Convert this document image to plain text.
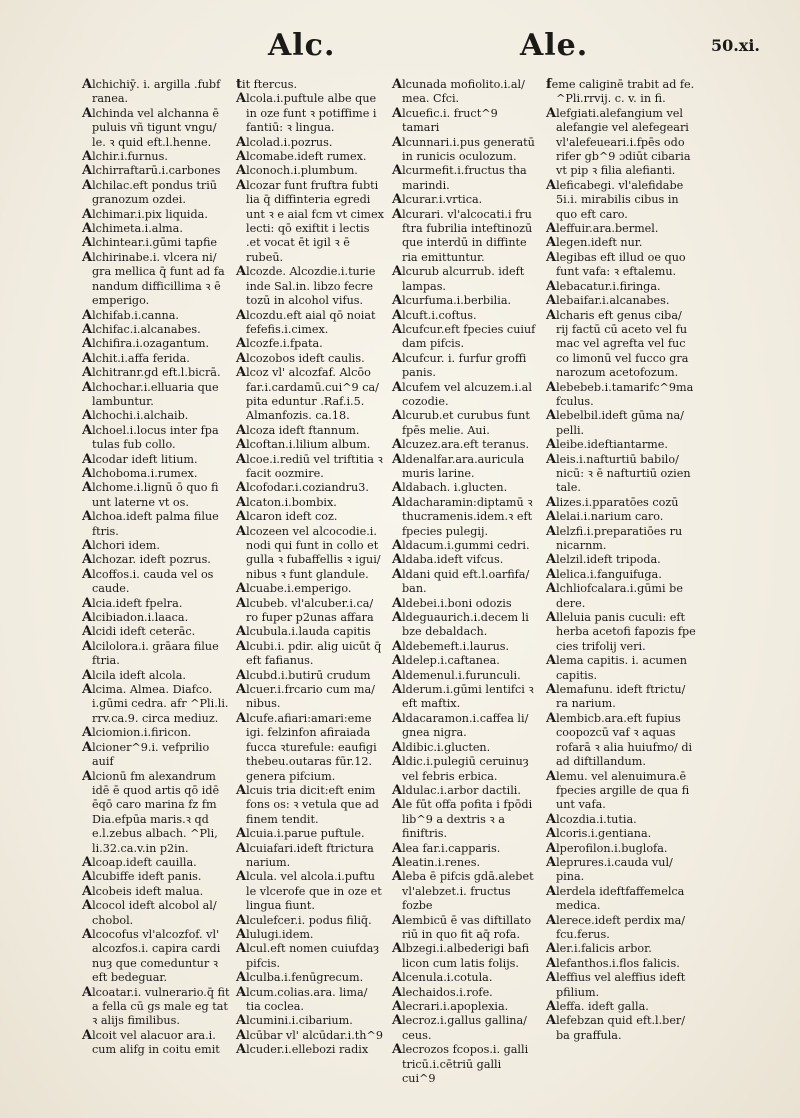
Alc.	Ale.	50.xi.

Alchichiȳ. i. argilla .fubf ranea.

Alchinda vel alchanna ē puluis vñ tigunt vngu/ le. ꝛ quid eft.l.henne.

Alchir.i.furnus.

Alchirraftarū.i.carbones

Alchilac.eft pondus triū granozum ozdei.

Alchimar.i.pix liquida.

Alchimeta.i.alma.

Alchintear.i.gūmi tapfie

Alchirinabe.i. vlcera ni/ gra mellica q̄ funt ad fa nandum difficillima ꝛ ē emperigo.

Alchifab.i.canna.

Alchifac.i.alcanabes.

Alchifira.i.ozagantum.

Alchit.i.affa ferida.

Alchitranr.gd eft.l.bicrā.

Alchochar.i.elluaria que lambuntur.

Alchochi.i.alchaib.

Alchoel.i.locus inter fpa tulas fub collo.

Alcodar ideft litium.

Alchoboma.i.rumex.

Alchome.i.lignū ō quo fi unt laterne vt os.

Alchoa.ideft palma filue ftris.

Alchori idem.

Alchozar. ideft pozrus.

Alcoffos.i. cauda vel os caude.

Alcia.ideft fpelra.

Alcibiadon.i.laaca.

Alcidi ideft ceterāc.

Alcilolora.i. grāara filue ftria.

Alcila ideft alcola.

Alcima. Almea. Diafco. i.gūmi cedra. afr ^Pli.li. rrv.ca.9. circa mediuz.

Alciomion.i.firicon.

Alcioner^9.i. vefprilio auif

Alcionū fm alexandrum idē ē quod artis qō idē ēqō caro marina fz fm Dia.efpūa maris.ꝛ qd e.l.zebus albach. ^Pli, li.32.ca.v.in p2in.

Alcoap.ideft cauilla.

Alcubiffe ideft panis.

Alcobeis ideft malua.

Alcocol ideft alcobol al/ chobol.

Alcocofus vl'alcozfof. vl' alcozfos.i. capira cardi nuȝ que comeduntur ꝛ eft bedeguar.

Alcoatar.i. vulnerario.q̄ fit a fella cū gs male eg tat ꝛ alijs fimilibus.

Alcoit vel alacuor ara.i. cum alifg in coitu emit

tit ftercus.

Alcola.i.puftule albe que in oze funt ꝛ potiffime i fantiū: ꝛ lingua.

Alcolad.i.pozrus.

Alcomabe.ideft rumex.

Alconoch.i.plumbum.

Alcozar funt fruftra fubti lia q̄ diffinteria egredi unt ꝛ e aial fcm vt cimex lecti: qō exiftit i lectis .et vocat ēt igil ꝛ ē rubeū.

Alcozde. Alcozdie.i.turie inde Sal.in. libzo fecre tozū in alcohol vifus.

Alcozdu.eft aial qō noiat fefefis.i.cimex.

Alcozfe.i.fpata.

Alcozobos ideft caulis.

Alcoz vl' alcozfaf. Alcōo far.i.cardamū.cui^9 ca/ pita eduntur .Raf.i.5. Almanfozis. ca.18.

Alcoza ideft ftannum.

Alcoftan.i.lilium album.

Alcoe.i.rediū vel triftitia ꝛ facit oozmire.

Alcofodar.i.cozіandru3.

Alcaton.i.bombix.

Alcaron ideft coz.

Alcozeen vel alcocodie.i. nodi qui funt in collo et gulla ꝛ fubaffellis ꝛ igui/ nibus ꝛ funt glandule.

Alcuabe.i.emperigo.

Alcubeb. vl'alcuber.i.ca/ ro fuper p2unas affara

Alcubula.i.lauda capitis

Alcubi.i. pdir. alig uicūt q̄ eft fafianus.

Alcubd.i.butirū crudum

Alcuer.i.frcario cum ma/ nibus.

Alcufe.afiari:amari:eme igi. felzinfon afiraiada fucca ꝛturefule: eaufigi thebeu.outaras fūr.12. genera pifcium.

Alcuis tria dicit:eft enim fons os: ꝛ vetula que ad finem tendit.

Alcuia.i.parue puftule.

Alcuiafari.ideft ftrictura narium.

Alcula. vel alcola.i.puftu le vlcerofe que in oze et lingua fiunt.

Alculefcer.i. podus filiq̄.

Alulugi.idem.

Alcul.eft nomen cuiufdaȝ pifcis.

Alculba.i.fenūgrecum.

Alcum.colias.ara. lima/ tia coclea.

Alcumini.i.cibarium.

Alcūbar vl' alcūdar.i.th^9

Alcuder.i.ellebozi radix

Alcunada mofiolito.i.al/ mea. Cfci.

Alcuefic.i. fruct^9 tamari

Alcunnari.i.pus generatū in runicis oculozum.

Alcurmefit.i.fructus tha marindi.

Alcurar.i.vrtica.

Alcurari. vl'alcocati.i fru ftra fubrilia inteftinozū que interdū in diffinte ria emittuntur.

Alcurub alcurrub. ideft lampas.

Alcurfuma.i.berbilia.

Alcuft.i.coftus.

Alcufcur.eft fpecies cuiuf dam pifcis.

Alcufcur. i. furfur groffi panis.

Alcufem vel alcuzem.i.al cozodie.

Alcurub.et curubus funt fpēs melie. Aui.

Alcuzez.ara.eft teranus.

Aldenalfar.ara.auricula muris larine.

Aldabach. i.glucten.

Aldacharamin:diptamū ꝛ thucramenis.idem.ꝛ eft fpecies pulegij.

Aldacum.i.gummi cedri.

Aldaba.ideft vifcus.

Aldani quid eft.l.oarfifa/ ban.

Aldebei.i.boni odozis

Aldeguaurich.i.decem li bze debaldach.

Aldebemeft.i.laurus.

Aldelep.i.caftanea.

Aldemenul.i.furunculi.

Alderum.i.gūmi lentifci ꝛ eft maftix.

Aldacaramon.i.caffea li/ gnea nigra.

Aldibic.i.glucten.

Aldic.i.pulegiū ceruinuȝ vel febris erbica.

Aldulac.i.arbor dactili.

Ale fūt offa pofita i fpōdi lib^9 a dextris ꝛ a finiftris.

Alea far.i.capparis.

Aleatin.i.renes.

Aleba ē pifcis gdā.alebet vl'alebzet.i. fructus fozbe

Alembicū ē vas diftillato riū in quo fit aq̄ rofa.

Albzegi.i.albederigi bafi licon cum latis folijs.

Alcenula.i.cotula.

Alechaidos.i.rofe.

Alecrari.i.apoplexia.

Alecroz.i.gallus gallina/ ceus.

Alecrozos fcopos.i. galli tricū.i.cētriū galli cui^9

feme caliginē trabit ad fe. ^Pli.rrvij. c. v. in fi.

Alefgiati.alefangium vel alefangie vel alefegeari vl'alefeueari.i.fpēs odo rifer gb^9 ɔdiūt cibaria vt pip ꝛ filia alefianti.

Aleficabegi. vl'alefidabe 5i.i. mirabilis cibus in quo eft caro.

Aleffuir.ara.bermel.

Alegen.ideft nur.

Alegibas eft illud oe quo funt vafa: ꝛ eftalemu.

Alebacatur.i.firinga.

Alebaifar.i.alcanabes.

Alcharis eft genus ciba/ rij factū cū aceto vel fu mac vel agrefta vel fuc co limonū vel fucco gra narozum acetofozum.

Alebebeb.i.tamarifc^9ma fculus.

Alebelbil.ideft gūma na/ pelli.

Aleibe.ideftiantarme.

Aleis.i.nafturtiū babilo/ nicū: ꝛ ē nafturtiū ozien tale.

Alizes.i.pparatōes cozū

Alelai.i.narium caro.

Alelzfi.i.preparatiōes ru nicarnm.

Alelzil.ideft tripoda.

Alelica.i.fanguifuga.

Alchliofcalara.i.gūmi be dere.

Alleluia panis cuculi: eft herba acetofi fapozis fpe cies trifolij veri.

Alema capitis. i. acumen capitis.

Alemafunu. ideft ftrictu/ ra narium.

Alembicb.ara.eft fupius coopozcū vaf ꝛ aquas rofarā ꝛ alia huiufmo/ di ad diftillandum.

Alemu. vel alenuimura.ē fpecies argille de qua fi unt vafa.

Alcozdia.i.tutia.

Alcoris.i.gentiana.

Alperofilon.i.buglofa.

Aleprures.i.cauda vul/ pina.

Alerdela ideftfaffemelca medica.

Alerece.ideft perdix ma/ fcu.ferus.

Aler.i.falicis arbor.

Alefanthos.i.flos falicis.

Aleffius vel aleffius ideft pfilium.

Aleffa. ideft galla.

Alefebzan quid eft.l.ber/ ba graffula.
